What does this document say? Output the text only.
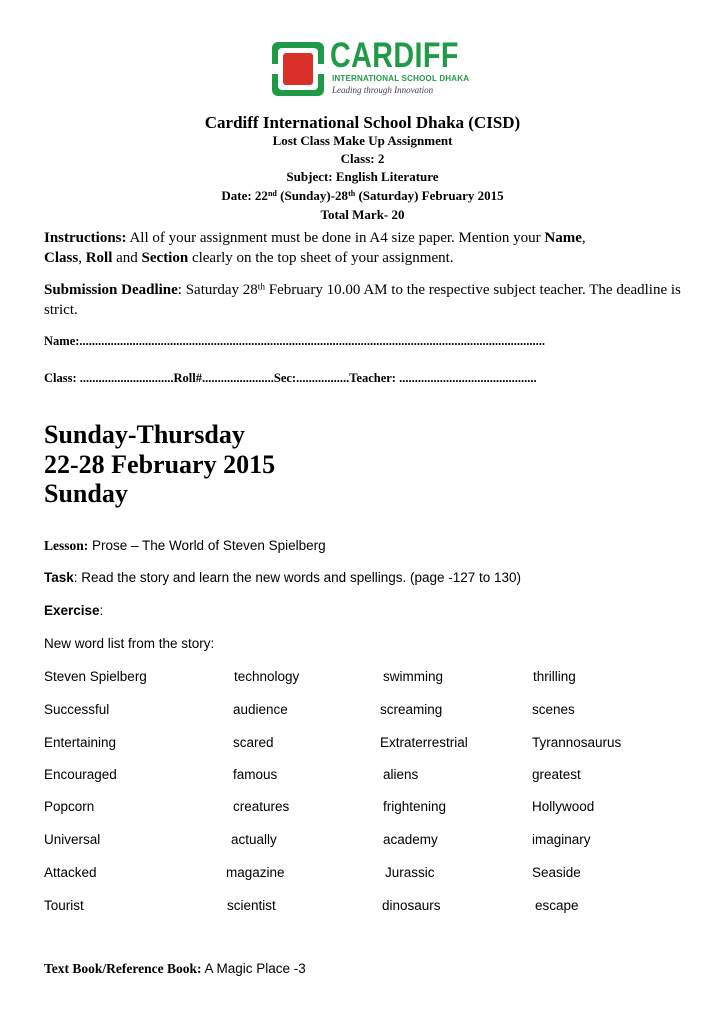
CARDIFF
INTERNATIONAL SCHOOL DHAKA
Leading through Innovation
Cardiff International School Dhaka (CISD)
Lost Class Make Up Assignment
Class: 2
Subject: English Literature
Date: 22nd (Sunday)-28th (Saturday) February 2015
Total Mark- 20
Instructions: All of your assignment must be done in A4 size paper. Mention your Name,
Class, Roll and Section clearly on the top sheet of your assignment.
Submission Deadline: Saturday 28th February 10.00 AM to the respective subject teacher. The deadline is strict.
Name:.....................................................................................................................................................
Class: ..............................Roll#.......................Sec:.................Teacher: ............................................
Sunday-Thursday
22-28 February 2015
Sunday
Lesson: Prose – The World of Steven Spielberg
Task: Read the story and learn the new words and spellings. (page -127 to 130)
Exercise:
New word list from the story:
Steven Spielberg	technology	swimming	thrilling
Successful	audience	screaming	scenes
Entertaining	scared	Extraterrestrial	Tyrannosaurus
Encouraged	famous	aliens	greatest
Popcorn	creatures	frightening	Hollywood
Universal	actually	academy	imaginary
Attacked	magazine	Jurassic	Seaside
Tourist	scientist	dinosaurs	escape
Text Book/Reference Book: A Magic Place -3
